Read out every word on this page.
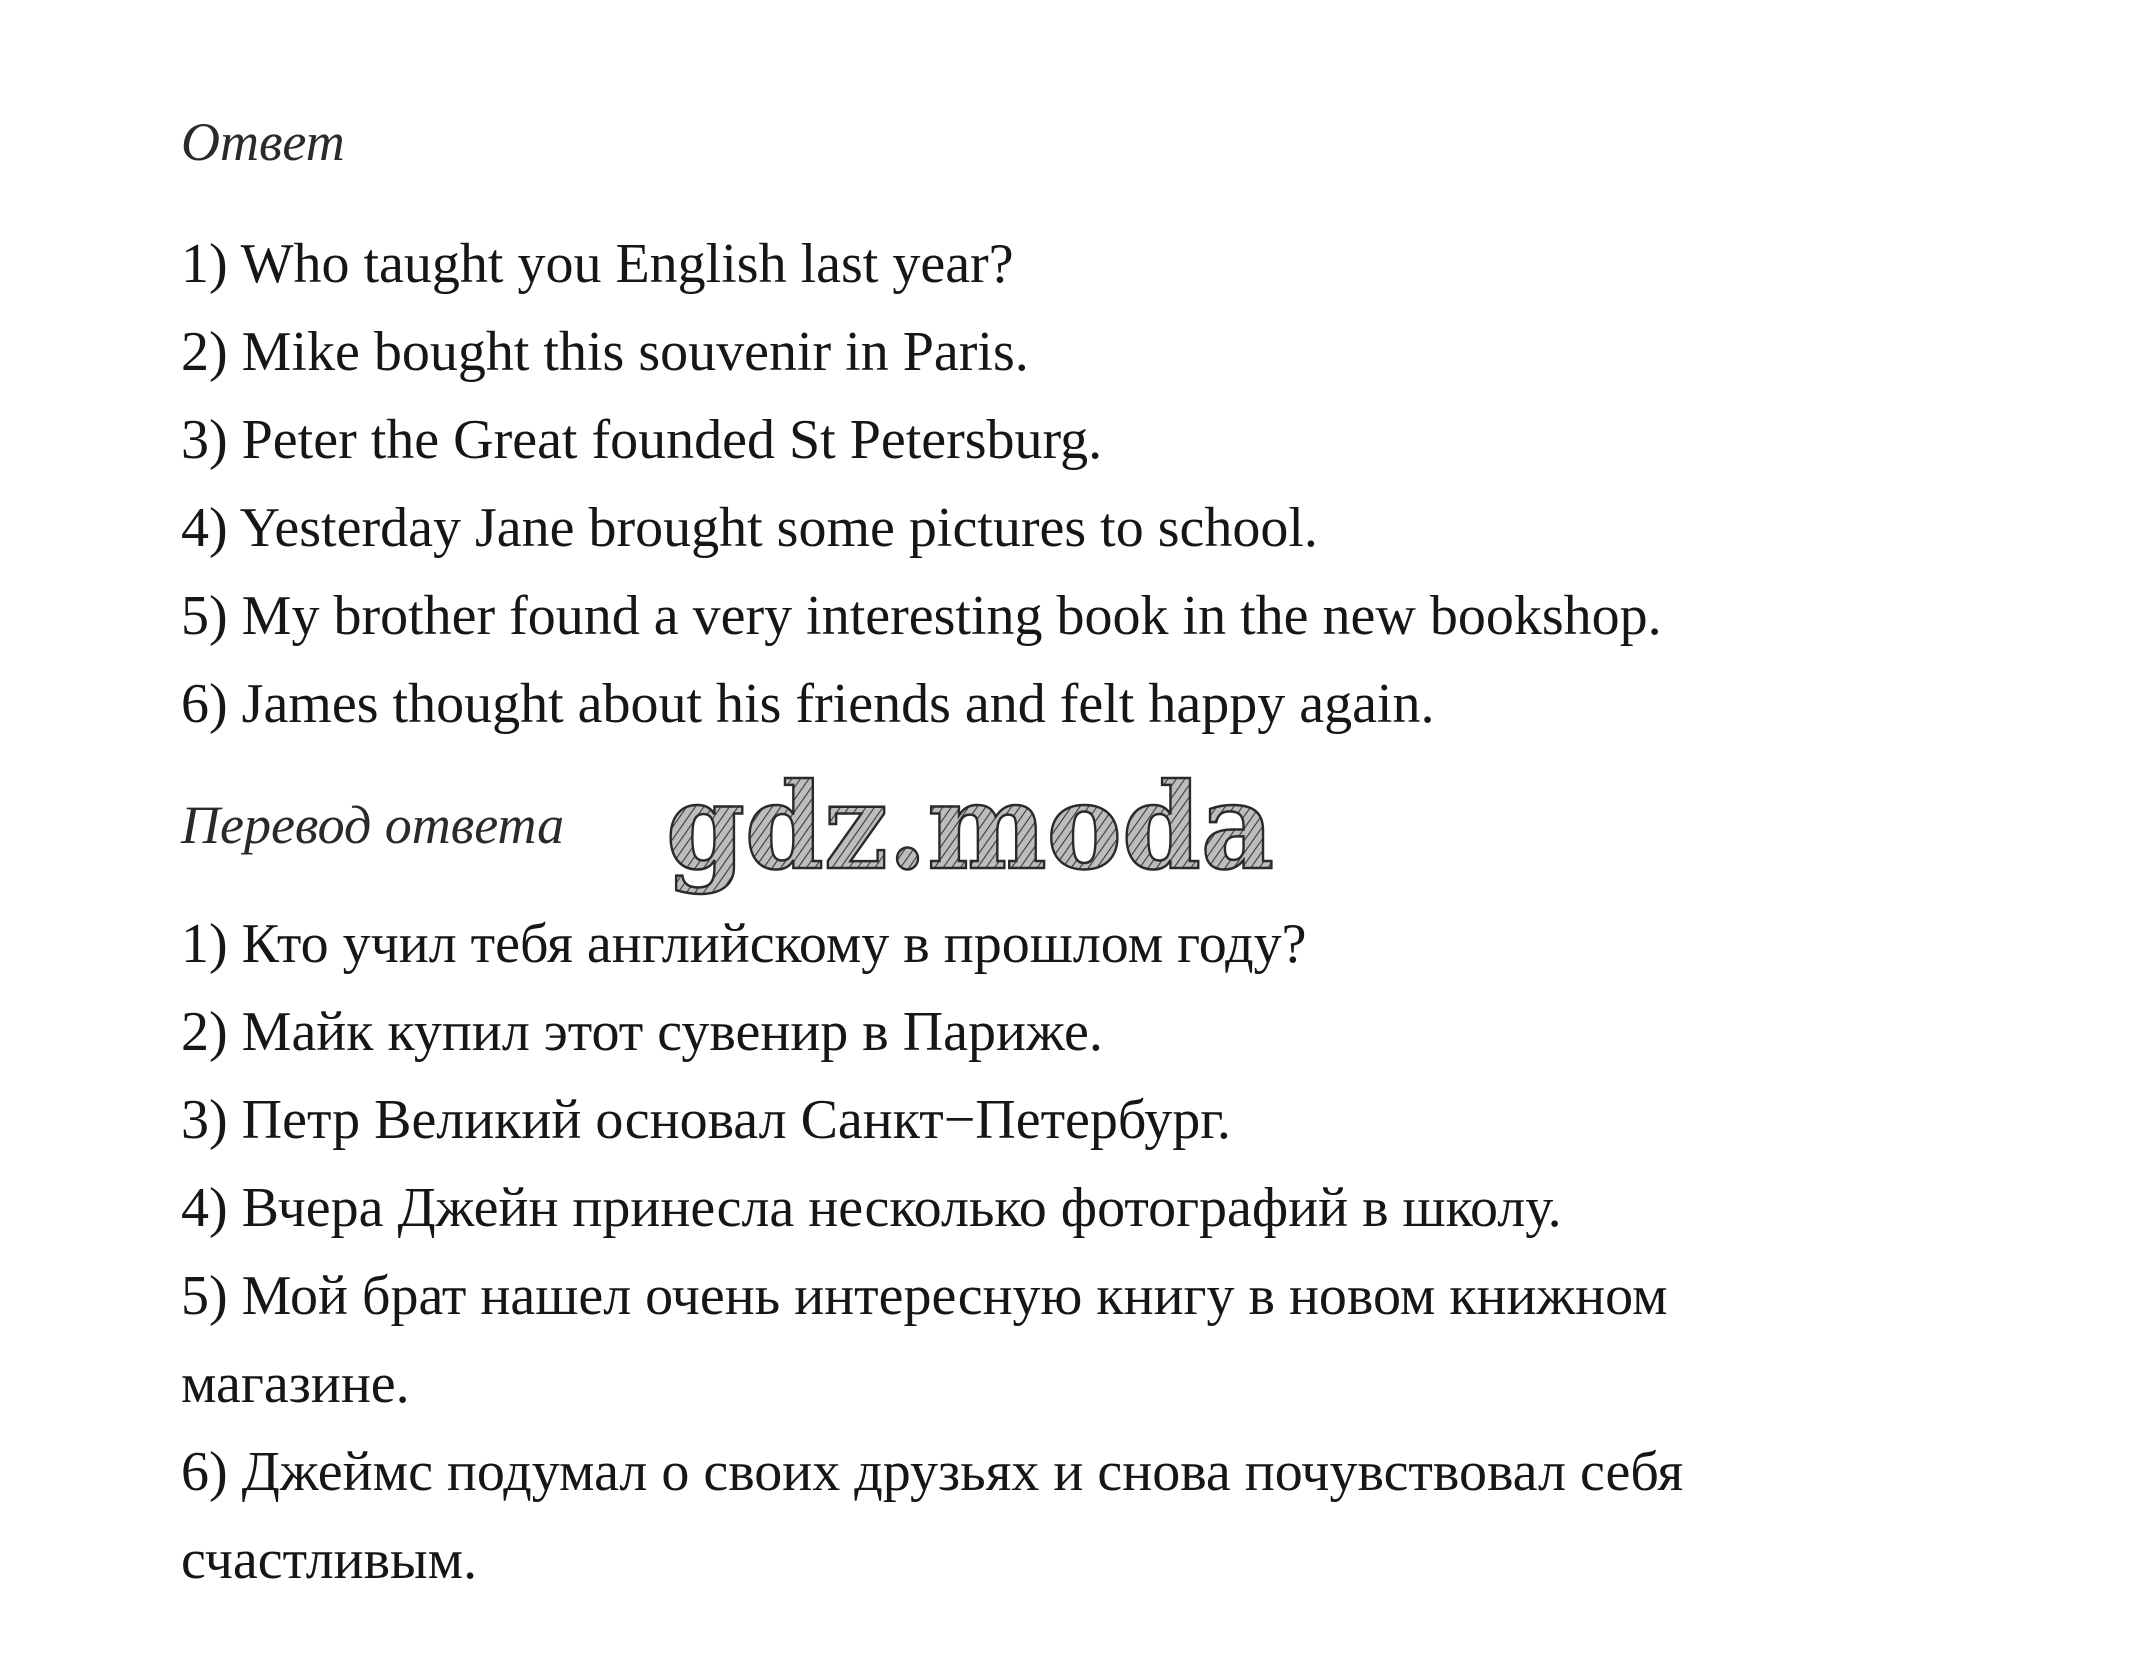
Ответ
1) Who taught you English last year?
2) Mike bought this souvenir in Paris.
3) Peter the Great founded St Petersburg.
4) Yesterday Jane brought some pictures to school.
5) My brother found a very interesting book in the new bookshop.
6) James thought about his friends and felt happy again.
Перевод ответа gdz.moda
1) Кто учил тебя английскому в прошлом году?
2) Майк купил этот сувенир в Париже.
3) Петр Великий основал Санкт−Петербург.
4) Вчера Джейн принесла несколько фотографий в школу.
5) Мой брат нашел очень интересную книгу в новом книжном
магазине.
6) Джеймс подумал о своих друзьях и снова почувствовал себя
счастливым.
